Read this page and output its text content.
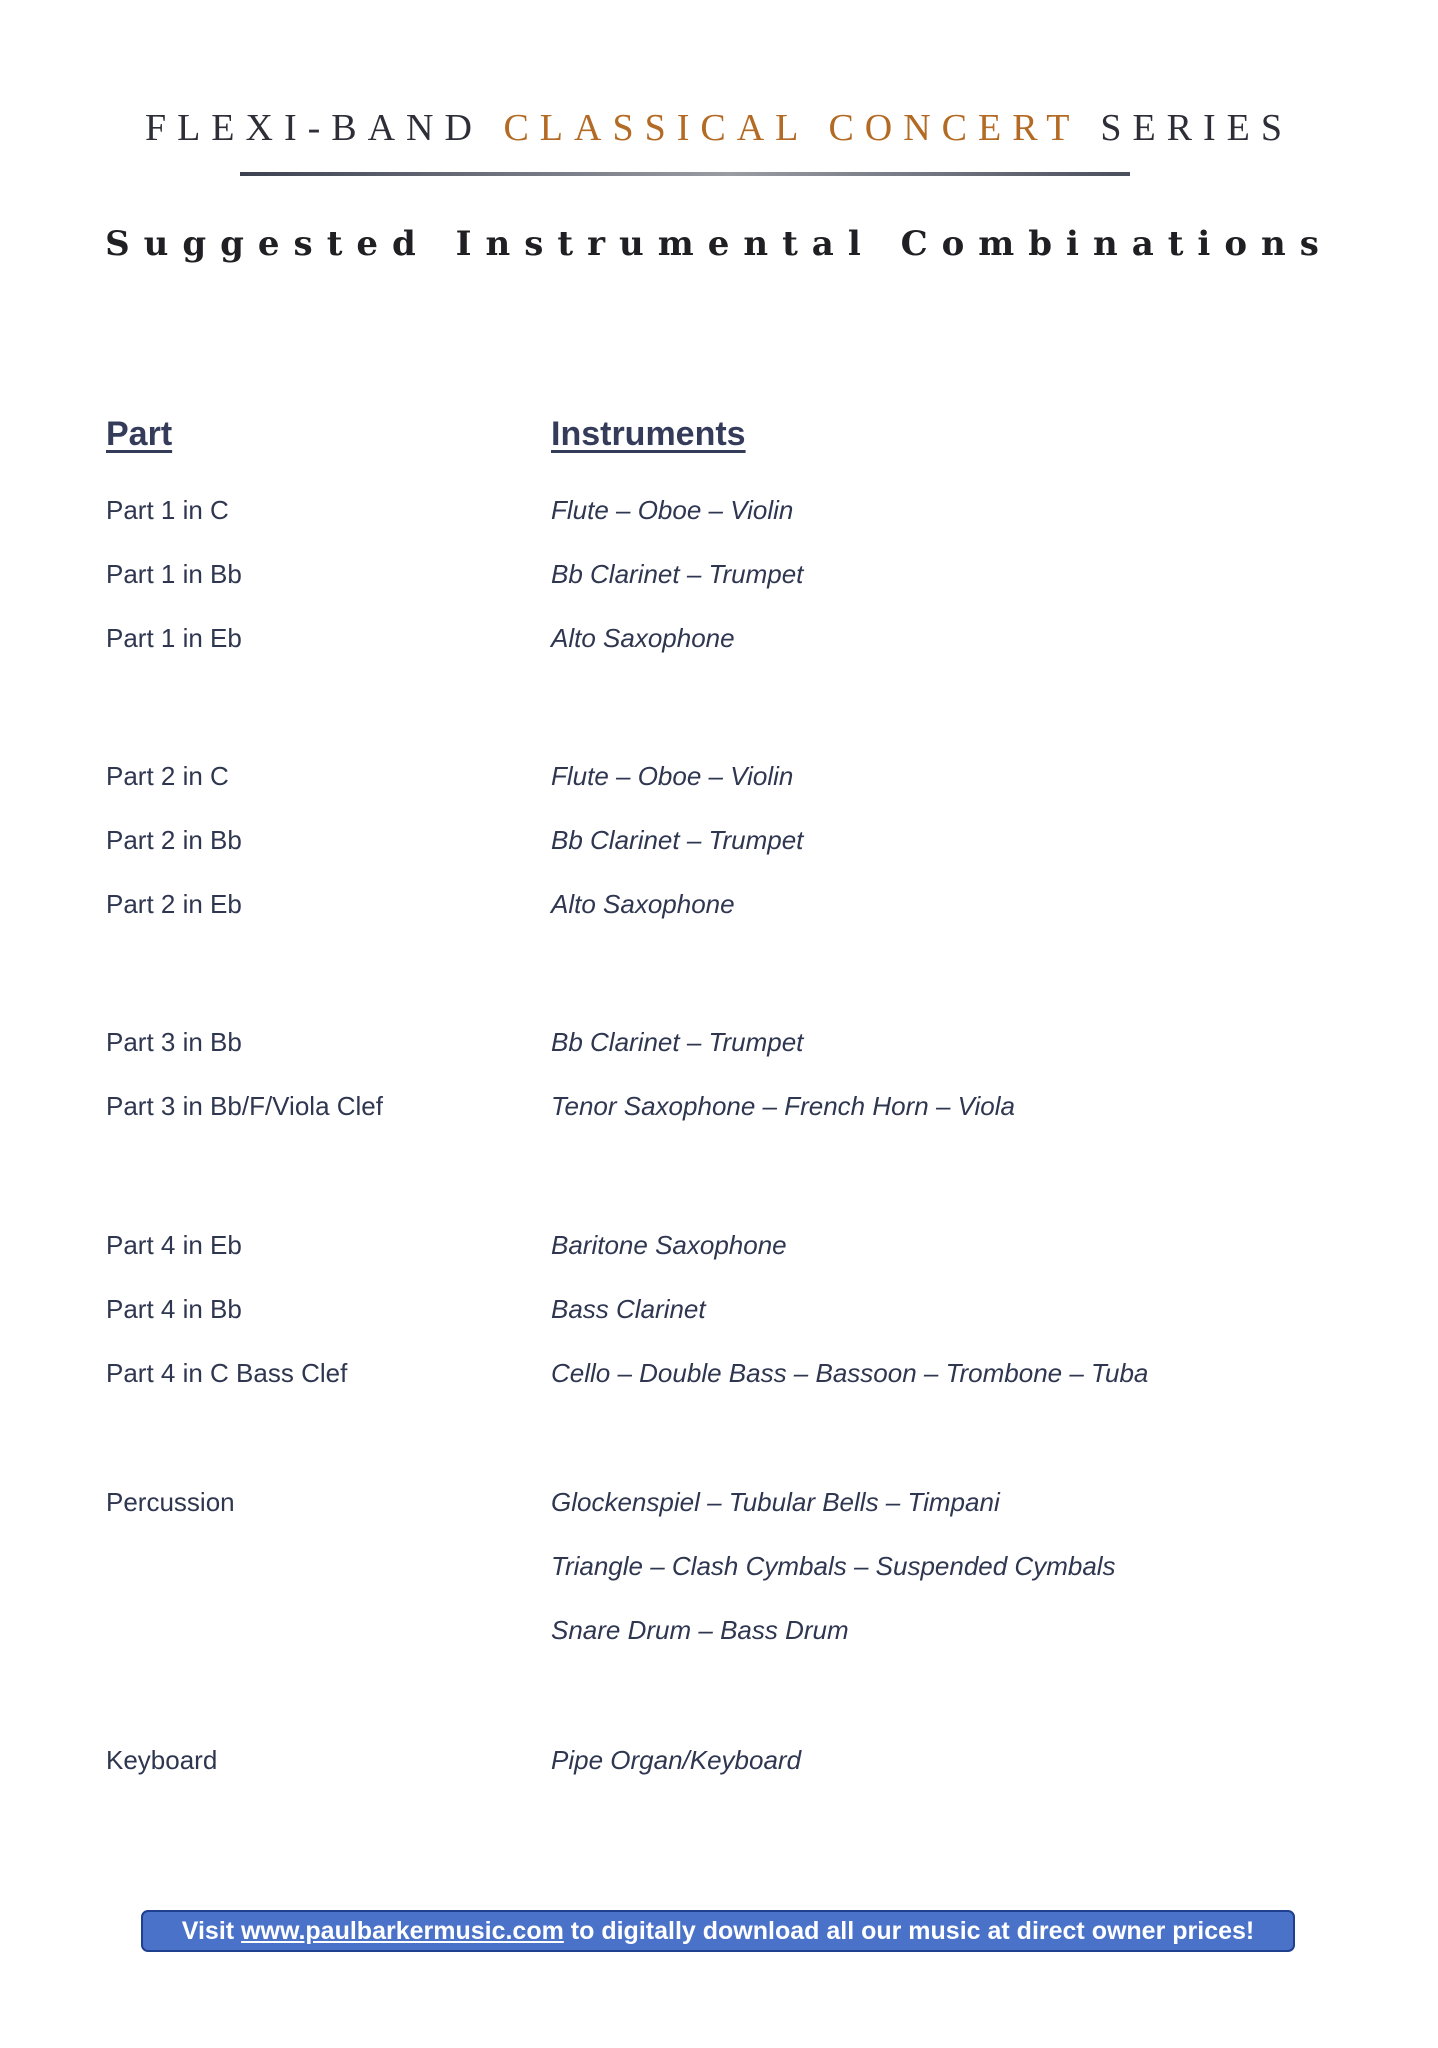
FLEXI-BAND CLASSICAL CONCERT SERIES
Suggested Instrumental Combinations
Part	Instruments
Part 1 in C	Flute – Oboe – Violin
Part 1 in Bb	Bb Clarinet – Trumpet
Part 1 in Eb	Alto Saxophone
Part 2 in C	Flute – Oboe – Violin
Part 2 in Bb	Bb Clarinet – Trumpet
Part 2 in Eb	Alto Saxophone
Part 3 in Bb	Bb Clarinet – Trumpet
Part 3 in Bb/F/Viola Clef	Tenor Saxophone – French Horn – Viola
Part 4 in Eb	Baritone Saxophone
Part 4 in Bb	Bass Clarinet
Part 4 in C Bass Clef	Cello – Double Bass – Bassoon – Trombone – Tuba
Percussion	Glockenspiel – Tubular Bells – Timpani
Triangle – Clash Cymbals – Suspended Cymbals
Snare Drum – Bass Drum
Keyboard	Pipe Organ/Keyboard
Visit www.paulbarkermusic.com to digitally download all our music at direct owner prices!
